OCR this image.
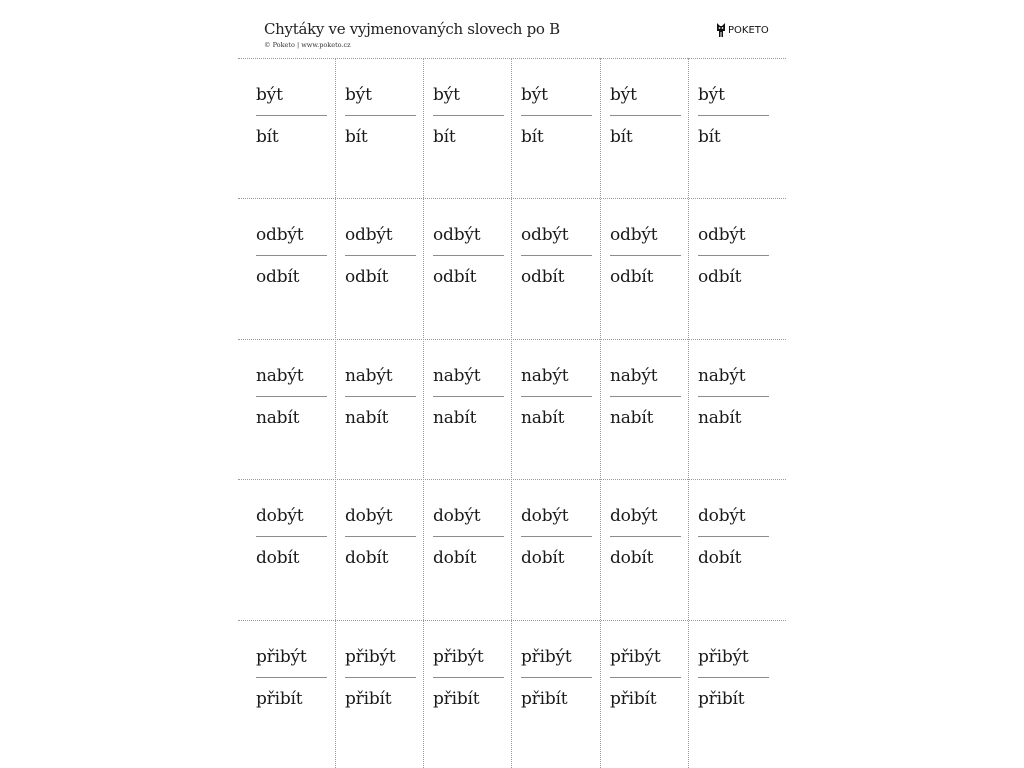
Chytáky ve vyjmenovaných slovech po B
© Poketo | www.poketo.cz
POKETO
být
bít
být
bít
být
bít
být
bít
být
bít
být
bít
odbýt
odbít
odbýt
odbít
odbýt
odbít
odbýt
odbít
odbýt
odbít
odbýt
odbít
nabýt
nabít
nabýt
nabít
nabýt
nabít
nabýt
nabít
nabýt
nabít
nabýt
nabít
dobýt
dobít
dobýt
dobít
dobýt
dobít
dobýt
dobít
dobýt
dobít
dobýt
dobít
přibýt
přibít
přibýt
přibít
přibýt
přibít
přibýt
přibít
přibýt
přibít
přibýt
přibít
